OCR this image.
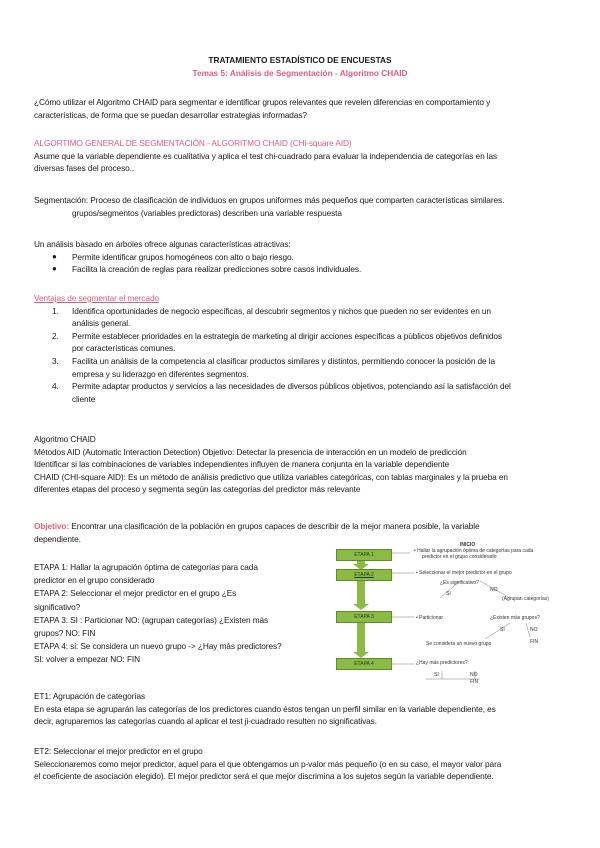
TRATAMIENTO ESTADÍSTICO DE ENCUESTAS
Temas 5: Análisis de Segmentación - Algoritmo CHAID
¿Cómo utilizar el Algoritmo CHAID para segmentar e identificar grupos relevantes que revelen diferencias en comportamiento y
características, de forma que se puedan desarrollar estrategias informadas?
ALGORTIMO GENERAL DE SEGMENTACIÓN - ALGORITMO CHAID (CHi-square AID)
Asume que la variable dependiente es cualitativa y aplica el test chi-cuadrado para evaluar la independencia de categorías en las
diversas fases del proceso..
Segmentación: Proceso de clasificación de individuos en grupos uniformes más pequeños que comparten características similares.
grupos/segmentos (variables predictoras) describen una variable respuesta
Un análisis basado en árboles ofrece algunas características atractivas:
● Permite identificar grupos homogéneos con alto o bajo riesgo.
● Facilita la creación de reglas para realizar predicciones sobre casos individuales.
Ventajas de segmentar el mercado
1. Identifica oportunidades de negocio específicas, al descubrir segmentos y nichos que pueden no ser evidentes en un
análisis general.
2. Permite establecer prioridades en la estrategia de marketing al dirigir acciones específicas a públicos objetivos definidos
por características comunes.
3. Facilita un análisis de la competencia al clasificar productos similares y distintos, permitiendo conocer la posición de la
empresa y su liderazgo en diferentes segmentos.
4. Permite adaptar productos y servicios a las necesidades de diversos públicos objetivos, potenciando así la satisfacción del
cliente
Algoritmo CHAID
Métodos AID (Automatic Interaction Detection) Objetivo: Detectar la presencia de interacción en un modelo de predicción
Identificar si las combinaciones de variables independientes influyen de manera conjunta en la variable dependiente
CHAID (CHI-square AID): Es un método de análisis predictivo que utiliza variables categóricas, con tablas marginales y la prueba en
diferentes etapas del proceso y segmenta según las categorías del predictor más relevante
Objetivo: Encontrar una clasificación de la población en grupos capaces de describir de la mejor manera posible, la variable
dependiente.
ETAPA 1: Hallar la agrupación óptima de categorías para cada
predictor en el grupo considerado
ETAPA 2: Seleccionar el mejor predictor en el grupo ¿Es
significativo?
ETAPA 3: SI : Particionar NO: (agrupan categorías) ¿Existen más
grupos? NO: FIN
ETAPA 4: si: Se considera un nuevo grupo -> ¿Hay más predictores?
SI: volver a empezar NO: FIN
INICIO
ETAPA 1
ETAPA 2
ETAPA 3
ETAPA 4
• Hallar la agrupación óptima de categorías para cada
predictor en el grupo considerado
• Seleccionar el mejor predictor en el grupo
¿Es significativo?
SI
NO
(Agrupan categorías)
• Particionar	¿Existen más grupos?
SI	NO
Se considera un nuevo grupo	FIN
¿Hay más predictores?
SI	NO
FIN
ET1: Agrupación de categorías
En esta etapa se agruparán las categorías de los predictores cuando éstos tengan un perfil similar en la variable dependiente, es
decir, agruparemos las categorías cuando al aplicar el test ji-cuadrado resulten no significativas.
ET2: Seleccionar el mejor predictor en el grupo
Seleccionaremos como mejor predictor, aquel para el que obtengamos un p-valor más pequeño (o en su caso, el mayor valor para
el coeficiente de asociación elegido). El mejor predictor será el que mejor discrimina a los sujetos según la variable dependiente.
